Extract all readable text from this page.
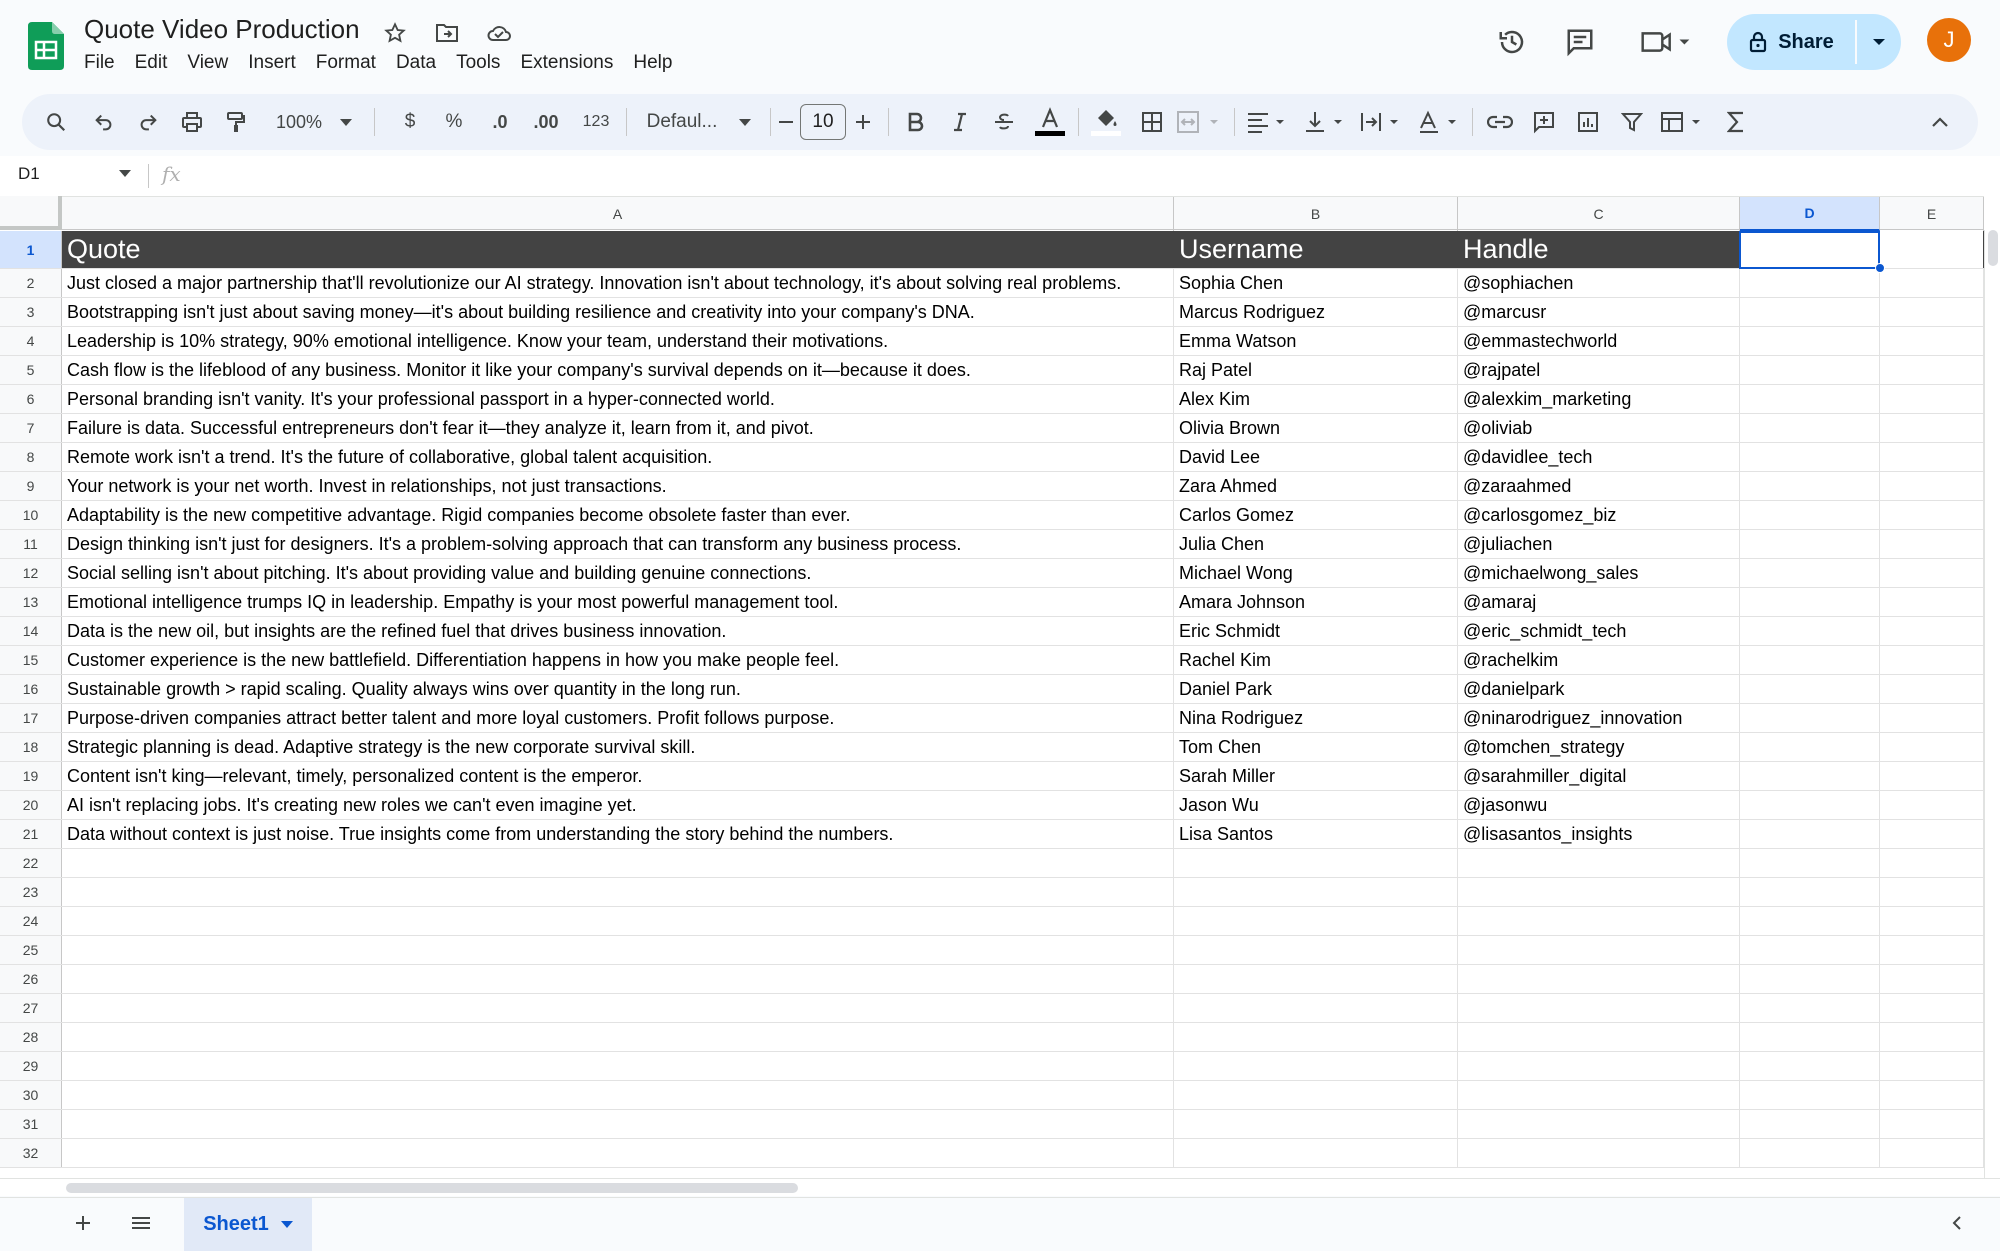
Quote Video Production
File	Edit	View	Insert	Format	Data	Tools	Extensions	Help
Share	J
100%	$	%	.0 .00	123	Defaul...	10
D1	fx
A	B	C	D	E
1	Quote	Username	Handle
2	Just closed a major partnership that'll revolutionize our AI strategy. Innovation isn't about technology, it's about solving real problems.	Sophia Chen	@sophiachen
3	Bootstrapping isn't just about saving money—it's about building resilience and creativity into your company's DNA.	Marcus Rodriguez	@marcusr
4	Leadership is 10% strategy, 90% emotional intelligence. Know your team, understand their motivations.	Emma Watson	@emmastechworld
5	Cash flow is the lifeblood of any business. Monitor it like your company's survival depends on it—because it does.	Raj Patel	@rajpatel
6	Personal branding isn't vanity. It's your professional passport in a hyper-connected world.	Alex Kim	@alexkim_marketing
7	Failure is data. Successful entrepreneurs don't fear it—they analyze it, learn from it, and pivot.	Olivia Brown	@oliviab
8	Remote work isn't a trend. It's the future of collaborative, global talent acquisition.	David Lee	@davidlee_tech
9	Your network is your net worth. Invest in relationships, not just transactions.	Zara Ahmed	@zaraahmed
10	Adaptability is the new competitive advantage. Rigid companies become obsolete faster than ever.	Carlos Gomez	@carlosgomez_biz
11	Design thinking isn't just for designers. It's a problem-solving approach that can transform any business process.	Julia Chen	@juliachen
12	Social selling isn't about pitching. It's about providing value and building genuine connections.	Michael Wong	@michaelwong_sales
13	Emotional intelligence trumps IQ in leadership. Empathy is your most powerful management tool.	Amara Johnson	@amaraj
14	Data is the new oil, but insights are the refined fuel that drives business innovation.	Eric Schmidt	@eric_schmidt_tech
15	Customer experience is the new battlefield. Differentiation happens in how you make people feel.	Rachel Kim	@rachelkim
16	Sustainable growth > rapid scaling. Quality always wins over quantity in the long run.	Daniel Park	@danielpark
17	Purpose-driven companies attract better talent and more loyal customers. Profit follows purpose.	Nina Rodriguez	@ninarodriguez_innovation
18	Strategic planning is dead. Adaptive strategy is the new corporate survival skill.	Tom Chen	@tomchen_strategy
19	Content isn't king—relevant, timely, personalized content is the emperor.	Sarah Miller	@sarahmiller_digital
20	AI isn't replacing jobs. It's creating new roles we can't even imagine yet.	Jason Wu	@jasonwu
21	Data without context is just noise. True insights come from understanding the story behind the numbers.	Lisa Santos	@lisasantos_insights
22
23
24
25
26
27
28
29
30
31
32
Sheet1
